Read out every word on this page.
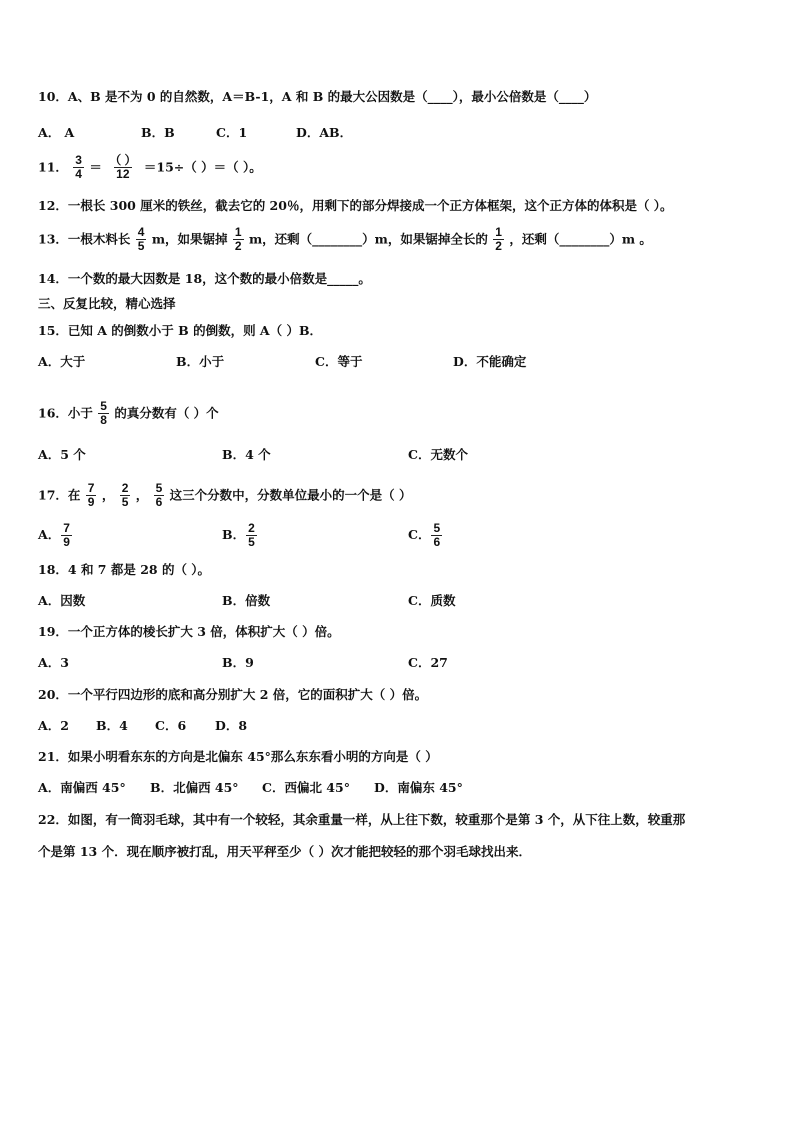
10．A、B 是不为 0 的自然数，A＝B-1，A 和 B 的最大公因数是（____），最小公倍数是（____）
A． A	B．B	C．1	D．AB．
11． $\frac{3}{4}$ ＝ （ ）
12 ＝15÷（ ）＝（ ）。
12．一根长 300 厘米的铁丝，截去它的 20％，用剩下的部分焊接成一个正方体框架，这个正方体的体积是（ ）。
13．一根木料长 $\frac{4}{5}$ m，如果锯掉 $\frac{1}{2}$ m，还剩（________）m，如果锯掉全长的 $\frac{1}{2}$ ，还剩（________）m 。
14．一个数的最大因数是 18，这个数的最小倍数是_____。
三、反复比较，精心选择
15．已知 A 的倒数小于 B 的倒数，则 A（ ）B．
A．大于	B．小于	C．等于	D．不能确定
16．小于 $\frac{5}{8}$ 的真分数有（ ）个
A．5 个	B．4 个	C．无数个
17．在 $\frac{7}{9}$ ， $\frac{2}{5}$ ， $\frac{5}{6}$ 这三个分数中，分数单位最小的一个是（ ）
A． $\frac{7}{9}$	B． $\frac{2}{5}$	C． $\frac{5}{6}$
18．4 和 7 都是 28 的（ ）。
A．因数	B．倍数	C．质数
19．一个正方体的棱长扩大 3 倍，体积扩大（ ）倍。
A．3	B．9	C．27
20．一个平行四边形的底和高分别扩大 2 倍，它的面积扩大（ ）倍。
A．2 B．4 C．6 D．8
21．如果小明看东东的方向是北偏东 45°那么东东看小明的方向是（ ）
A．南偏西 45° B．北偏西 45° C．西偏北 45° D．南偏东 45°
22．如图，有一筒羽毛球，其中有一个较轻，其余重量一样，从上往下数，较重那个是第 3 个，从下往上数，较重那
个是第 13 个．现在顺序被打乱，用天平秤至少（ ）次才能把较轻的那个羽毛球找出来．
